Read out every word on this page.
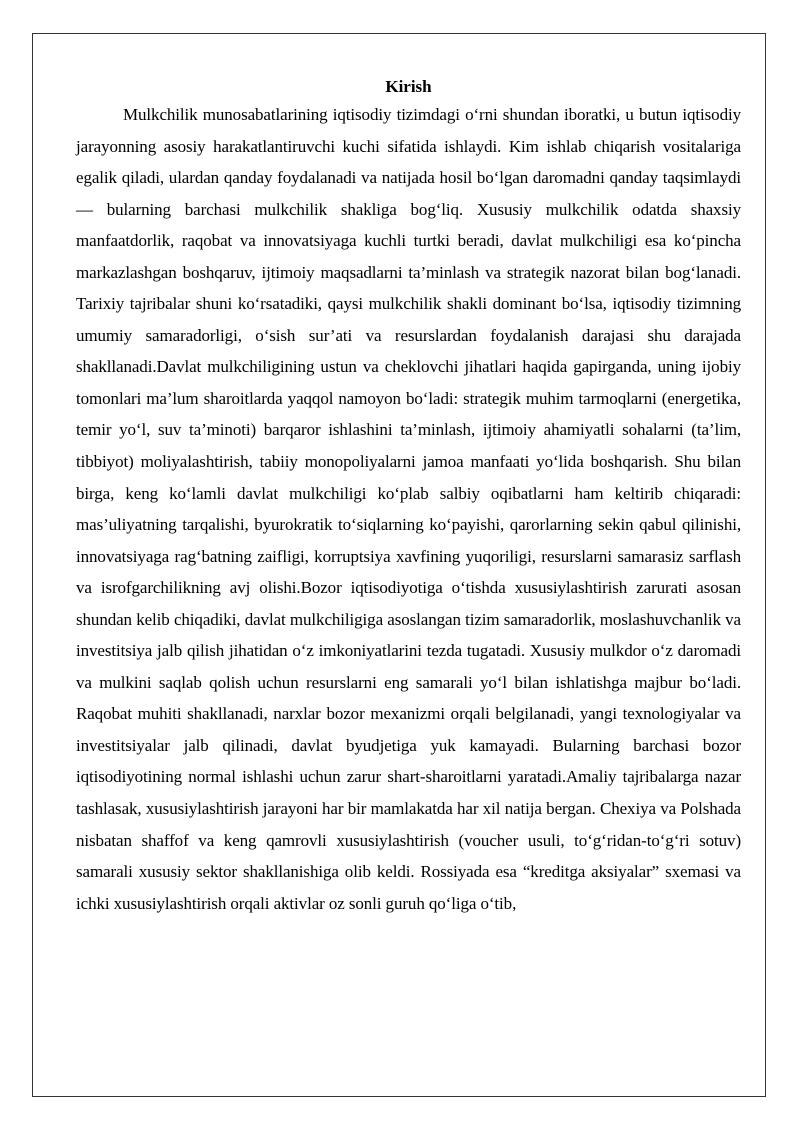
Kirish

Mulkchilik munosabatlarining iqtisodiy tizimdagi o‘rni shundan iboratki, u butun iqtisodiy jarayonning asosiy harakatlantiruvchi kuchi sifatida ishlaydi. Kim ishlab chiqarish vositalariga egalik qiladi, ulardan qanday foydalanadi va natijada hosil bo‘lgan daromadni qanday taqsimlaydi — bularning barchasi mulkchilik shakliga bog‘liq. Xususiy mulkchilik odatda shaxsiy manfaatdorlik, raqobat va innovatsiyaga kuchli turtki beradi, davlat mulkchiligi esa ko‘pincha markazlashgan boshqaruv, ijtimoiy maqsadlarni ta’minlash va strategik nazorat bilan bog‘lanadi. Tarixiy tajribalar shuni ko‘rsatadiki, qaysi mulkchilik shakli dominant bo‘lsa, iqtisodiy tizimning umumiy samaradorligi, o‘sish sur’ati va resurslardan foydalanish darajasi shu darajada shakllanadi.Davlat mulkchiligining ustun va cheklovchi jihatlari haqida gapirganda, uning ijobiy tomonlari ma’lum sharoitlarda yaqqol namoyon bo‘ladi: strategik muhim tarmoqlarni (energetika, temir yo‘l, suv ta’minoti) barqaror ishlashini ta’minlash, ijtimoiy ahamiyatli sohalarni (ta’lim, tibbiyot) moliyalashtirish, tabiiy monopoliyalarni jamoa manfaati yo‘lida boshqarish. Shu bilan birga, keng ko‘lamli davlat mulkchiligi ko‘plab salbiy oqibatlarni ham keltirib chiqaradi: mas’uliyatning tarqalishi, byurokratik to‘siqlarning ko‘payishi, qarorlarning sekin qabul qilinishi, innovatsiyaga rag‘batning zaifligi, korruptsiya xavfining yuqoriligi, resurslarni samarasiz sarflash va isrofgarchilikning avj olishi.Bozor iqtisodiyotiga o‘tishda xususiylashtirish zarurati asosan shundan kelib chiqadiki, davlat mulkchiligiga asoslangan tizim samaradorlik, moslashuvchanlik va investitsiya jalb qilish jihatidan o‘z imkoniyatlarini tezda tugatadi. Xususiy mulkdor o‘z daromadi va mulkini saqlab qolish uchun resurslarni eng samarali yo‘l bilan ishlatishga majbur bo‘ladi. Raqobat muhiti shakllanadi, narxlar bozor mexanizmi orqali belgilanadi, yangi texnologiyalar va investitsiyalar jalb qilinadi, davlat byudjetiga yuk kamayadi. Bularning barchasi bozor iqtisodiyotining normal ishlashi uchun zarur shart-sharoitlarni yaratadi.Amaliy tajribalarga nazar tashlasak, xususiylashtirish jarayoni har bir mamlakatda har xil natija bergan. Chexiya va Polshada nisbatan shaffof va keng qamrovli xususiylashtirish (voucher usuli, to‘g‘ridan-to‘g‘ri sotuv) samarali xususiy sektor shakllanishiga olib keldi. Rossiyada esa “kreditga aksiyalar” sxemasi va ichki xususiylashtirish orqali aktivlar oz sonli guruh qo‘liga o‘tib,
